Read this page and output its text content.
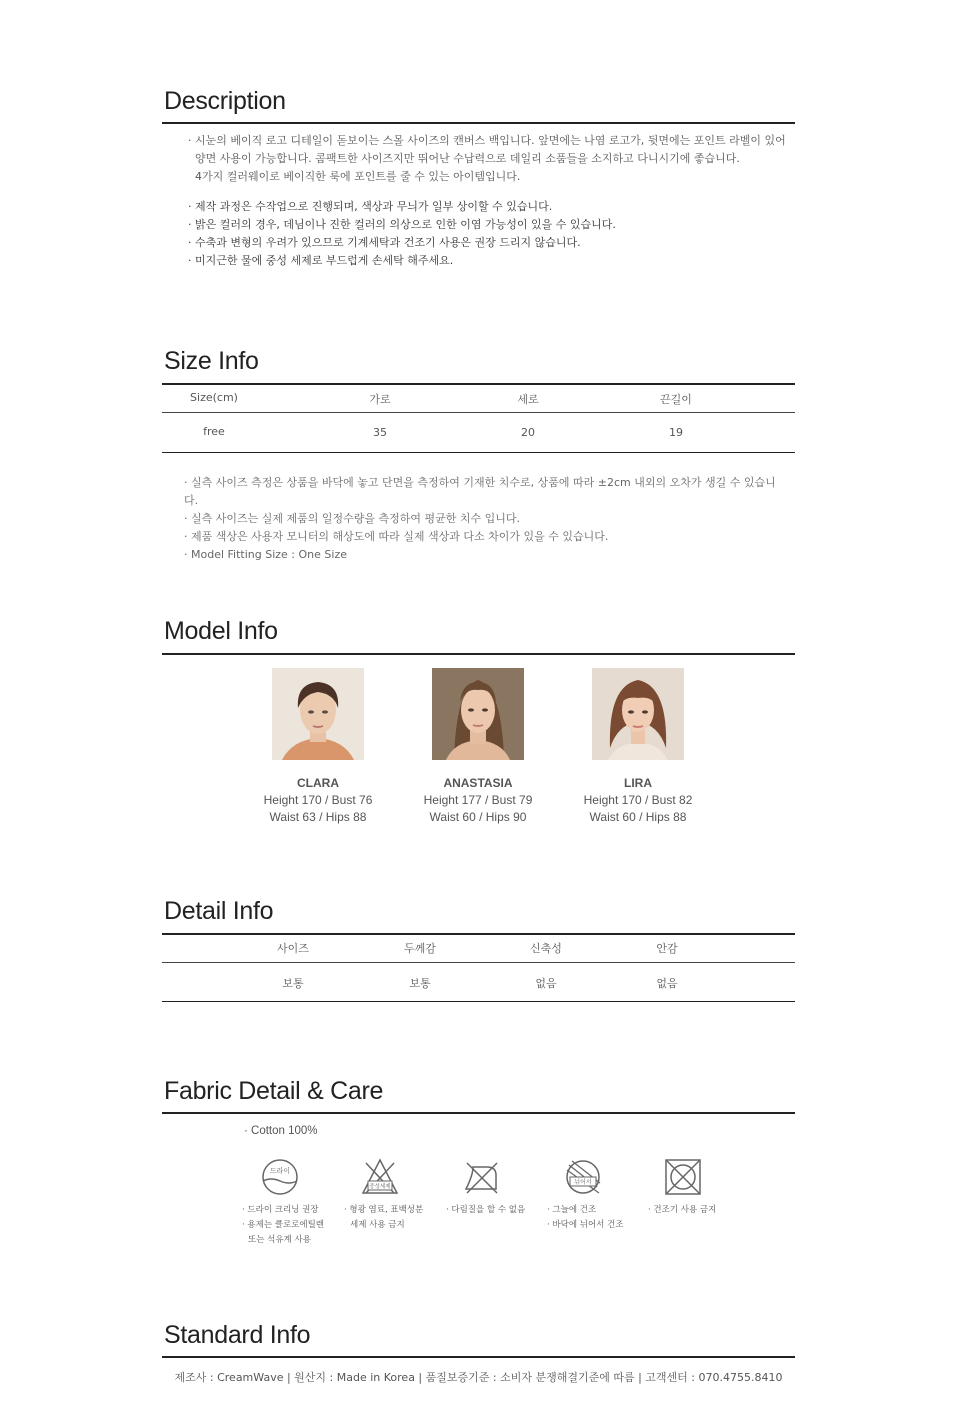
Description

· 시눈의 베이직 로고 디테일이 돋보이는 스몰 사이즈의 캔버스 백입니다. 앞면에는 나염 로고가, 뒷면에는 포인트 라벨이 있어

양면 사용이 가능합니다. 콤팩트한 사이즈지만 뛰어난 수납력으로 데일리 소품들을 소지하고 다니시기에 좋습니다.

4가지 컬러웨이로 베이직한 룩에 포인트를 줄 수 있는 아이템입니다.

· 제작 과정은 수작업으로 진행되며, 색상과 무늬가 일부 상이할 수 있습니다.

· 밝은 컬러의 경우, 데님이나 진한 컬러의 의상으로 인한 이염 가능성이 있을 수 있습니다.

· 수축과 변형의 우려가 있으므로 기계세탁과 건조기 사용은 권장 드리지 않습니다.

· 미지근한 물에 중성 세제로 부드럽게 손세탁 해주세요.

Size Info
Size(cm)	가로	세로	끈길이
free	35	20	19

· 실측 사이즈 측정은 상품을 바닥에 놓고 단면을 측정하여 기재한 치수로, 상품에 따라 ±2cm 내외의 오차가 생길 수 있습니다.

· 실측 사이즈는 실제 제품의 일정수량을 측정하여 평균한 치수 입니다.

· 제품 색상은 사용자 모니터의 해상도에 따라 실제 색상과 다소 차이가 있을 수 있습니다.

· Model Fitting Size : One Size

Model Info
CLARA
Height 170 / Bust 76
Waist 63 / Hips 88
ANASTASIA
Height 177 / Bust 79
Waist 60 / Hips 90
LIRA
Height 170 / Bust 82
Waist 60 / Hips 88
Detail Info
사이즈	두께감	신축성	안감
보통	보통	없음	없음
Fabric Detail & Care
· Cotton 100%
드라이
중성세제
뉘어서
· 드라이 크리닝 권장
· 용제는 클로로에틸렌
또는 석유계 사용
· 형광 염료, 표백성분
세제 사용 금지
· 다림질을 할 수 없음	· 그늘에 건조
· 바닥에 뉘어서 건조
· 건조기 사용 금지
Standard Info
제조사 : CreamWave | 원산지 : Made in Korea | 품질보증기준 : 소비자 분쟁해결기준에 따름 | 고객센터 : 070.4755.8410
